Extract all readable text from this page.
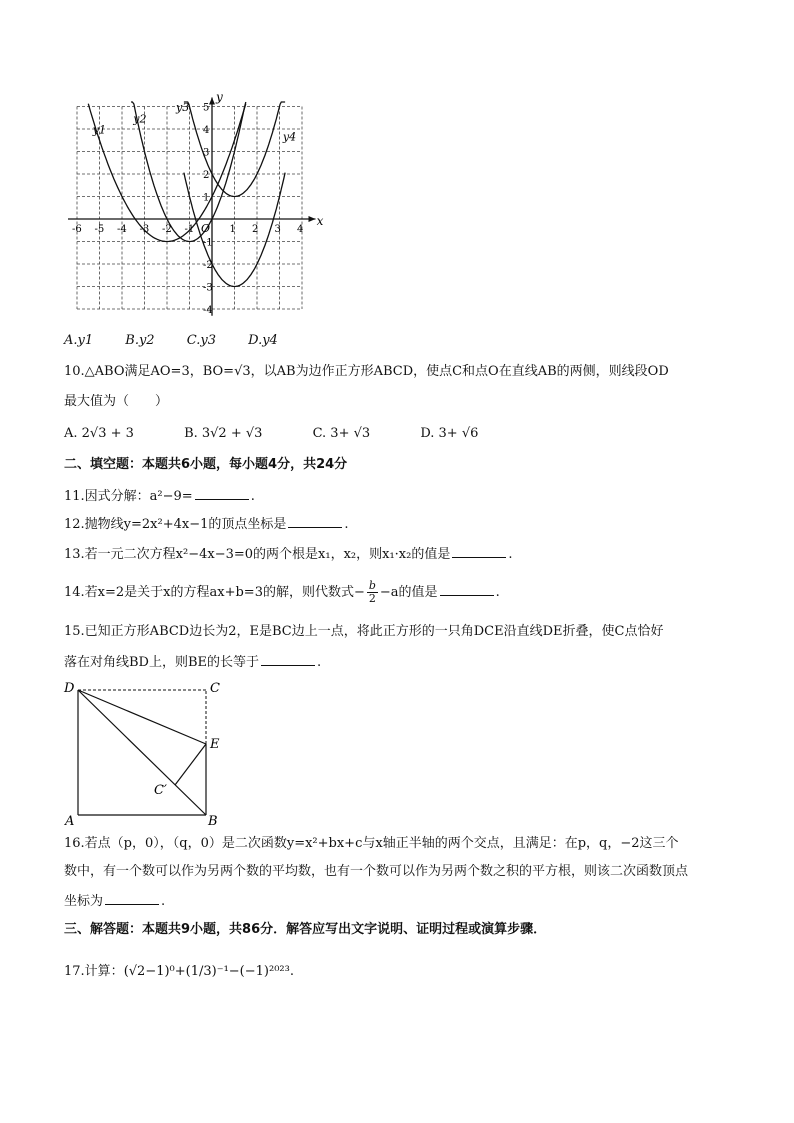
x
y
O
-6 -5 -4 -3 -2 -1	1 2 3 4
5
4
3
2
1
-1
-2
-3
-4
y1
y2
y3
y4
A.y1 B.y2 C.y3 D.y4
10.△ABO满足AO=3，BO=√3，以AB为边作正方形ABCD，使点C和点O在直线AB的两侧，则线段OD
最大值为（　　）
A. 2√3 + 3	B. 3√2 + √3	C. 3+ √3	D. 3+ √6
二、填空题：本题共6小题，每小题4分，共24分
11.因式分解：a²−9=	.
12.抛物线y=2x²+4x−1的顶点坐标是	.
13.若一元二次方程x²−4x−3=0的两个根是x₁，x₂，则x₁·x₂的值是	.
14.若x=2是关于x的方程ax+b=3的解，则代数式− $\frac{b}{2} -a$的值是	.
15.已知正方形ABCD边长为2，E是BC边上一点，将此正方形的一只角DCE沿直线DE折叠，使C点恰好
落在对角线BD上，则BE的长等于	.
D	C
E
C′
A	B
16.若点（p，0），（q，0）是二次函数y=x²+bx+c与x轴正半轴的两个交点，且满足：在p，q，−2这三个
数中，有一个数可以作为另两个数的平均数，也有一个数可以作为另两个数之积的平方根，则该二次函数顶点
坐标为	.
三、解答题：本题共9小题，共86分．解答应写出文字说明、证明过程或演算步骤．
17.计算：(√2−1)⁰+(1/3)⁻¹−(−1)²⁰²³.
